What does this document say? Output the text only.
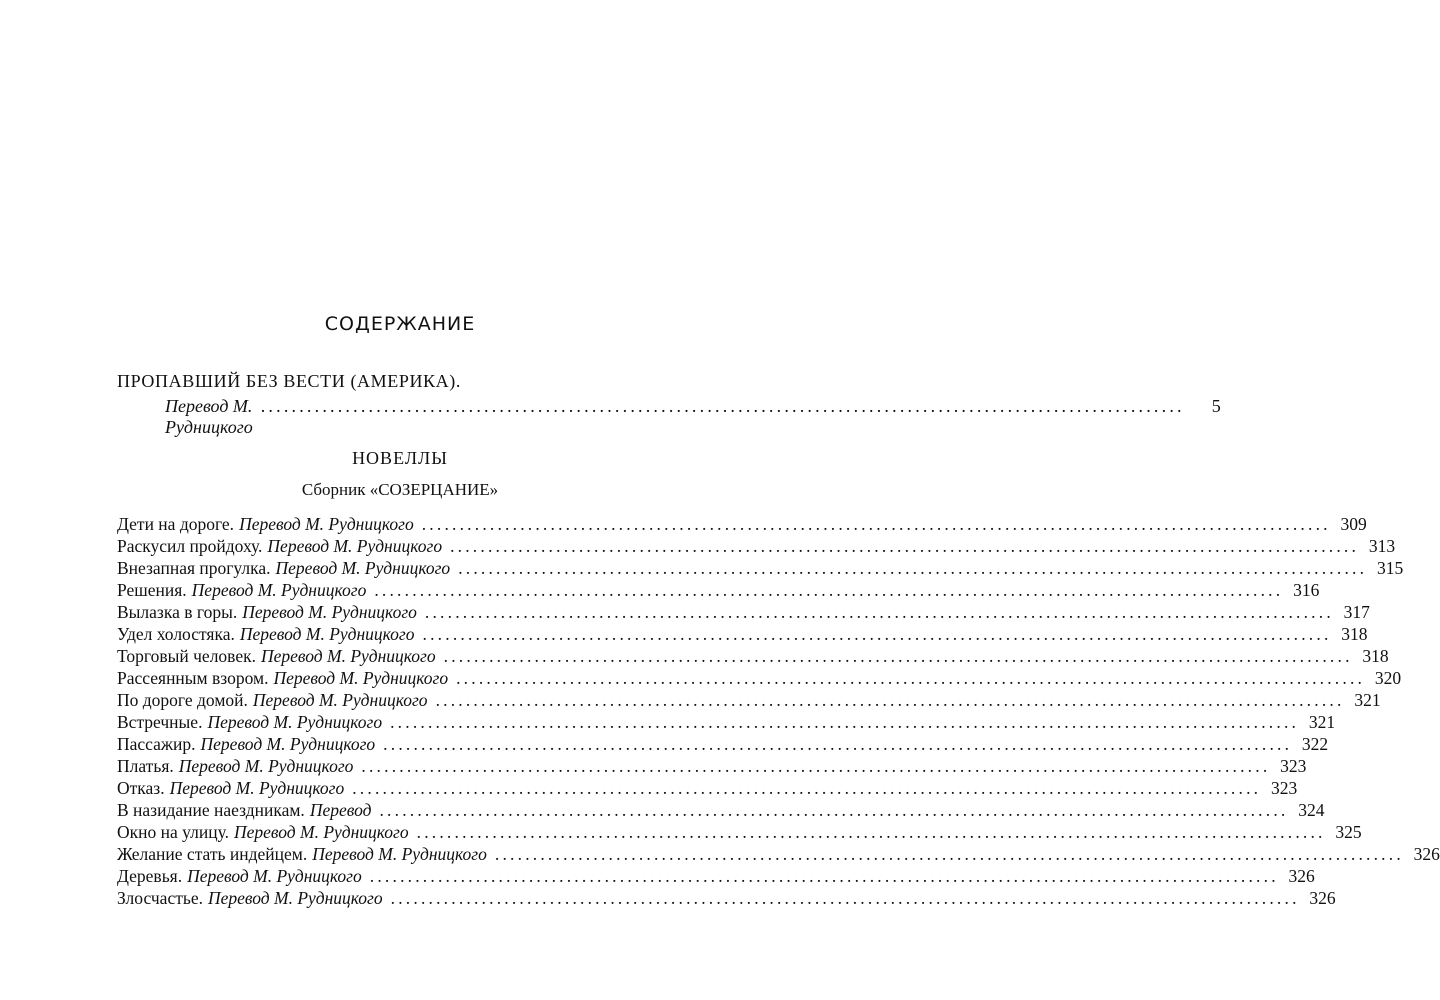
СОДЕРЖАНИЕ
ПРОПАВШИЙ БЕЗ ВЕСТИ (АМЕРИКА).
Перевод М. Рудницкого
........................................................................................................................	5
НОВЕЛЛЫ
Сборник «СОЗЕРЦАНИЕ»
Дети на дороге. Перевод М. Рудницкого ........................................................................................................................ 309
Раскусил пройдоху. Перевод М. Рудницкого ........................................................................................................................ 313
Внезапная прогулка. Перевод М. Рудницкого ........................................................................................................................ 315
Решения. Перевод М. Рудницкого ........................................................................................................................ 316
Вылазка в горы. Перевод М. Рудницкого ........................................................................................................................ 317
Удел холостяка. Перевод М. Рудницкого ........................................................................................................................ 318
Торговый человек. Перевод М. Рудницкого ........................................................................................................................ 318
Рассеянным взором. Перевод М. Рудницкого ........................................................................................................................ 320
По дороге домой. Перевод М. Рудницкого ........................................................................................................................ 321
Встречные. Перевод М. Рудницкого ........................................................................................................................ 321
Пассажир. Перевод М. Рудницкого ........................................................................................................................ 322
Платья. Перевод М. Рудницкого ........................................................................................................................ 323
Отказ. Перевод М. Рудницкого ........................................................................................................................ 323
В назидание наездникам. Перевод ........................................................................................................................ 324
Окно на улицу. Перевод М. Рудницкого ........................................................................................................................ 325
Желание стать индейцем. Перевод М. Рудницкого ........................................................................................................................ 326
Деревья. Перевод М. Рудницкого ........................................................................................................................ 326
Злосчастье. Перевод М. Рудницкого ........................................................................................................................ 326
